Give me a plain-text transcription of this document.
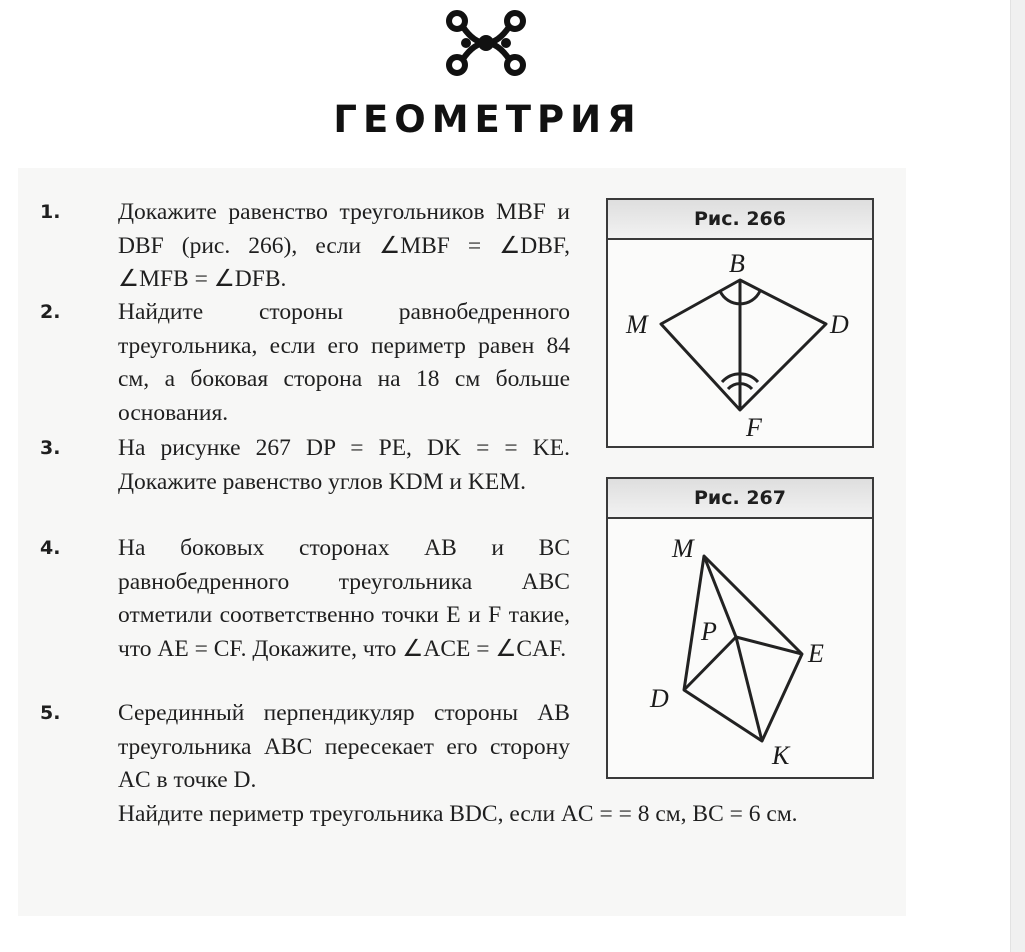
ГЕОМЕТРИЯ
1. Докажите равенство треугольников MBF и DBF (рис. 266), если ∠MBF = ∠DBF, ∠MFB = ∠DFB.
2. Найдите стороны равнобедренного треугольника, если его периметр равен 84 см, а боковая сторона на 18 см больше основания.
3. На рисунке 267 DP = PE, DK = = KE. Докажите равенство углов KDM и KEM.
4. На боковых сторонах AB и BC равнобедренного треугольника ABC отметили соответственно точки E и F такие, что AE = CF. Докажите, что ∠ACE = ∠CAF.
5. Серединный перпендикуляр стороны AB треугольника ABC пересекает его сторону AC в точке D.
Найдите периметр треугольника BDC, если AC = = 8 см, BC = 6 см.
Рис. 266
B
M	D
F
Рис. 267
M
P
E
D
K
